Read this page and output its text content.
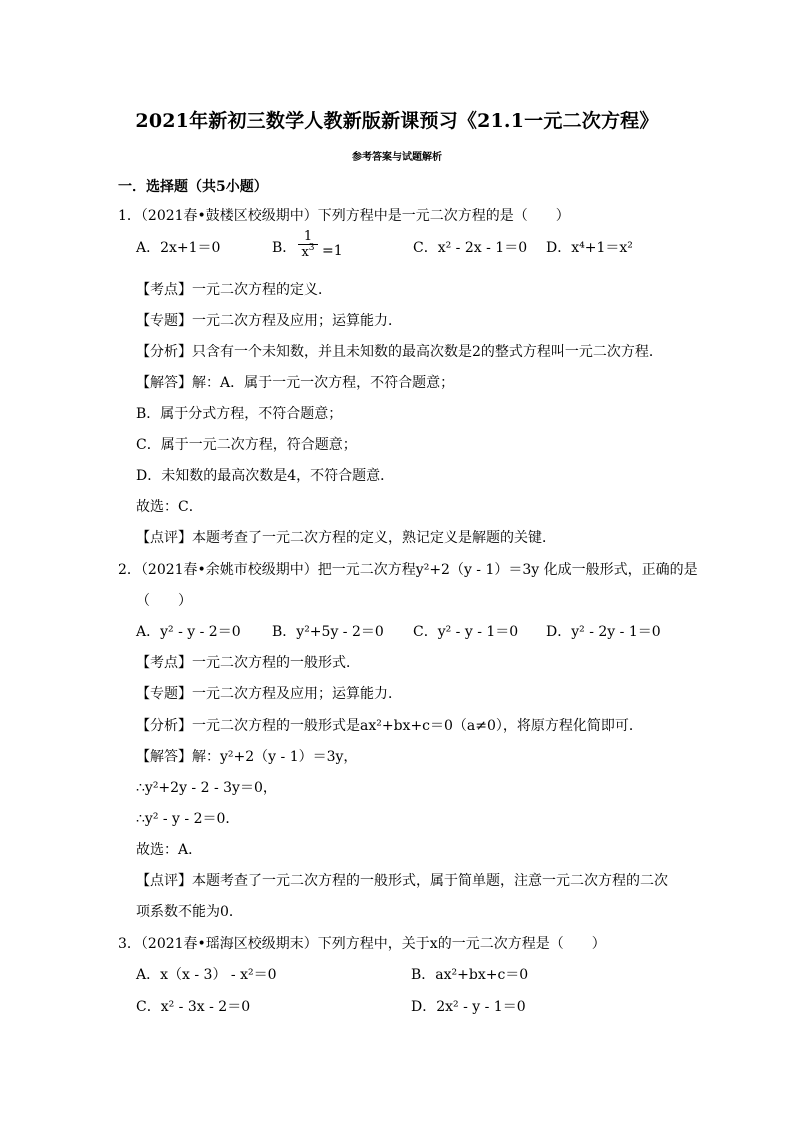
2021年新初三数学人教新版新课预习《21.1一元二次方程》
参考答案与试题解析
一．选择题（共5小题）
1．（2021春•鼓楼区校级期中）下列方程中是一元二次方程的是（　　）
A．2x+1＝0	B．
1
$x^3 =1$	C．x² - 2x - 1＝0 D．x⁴+1＝x²
【考点】一元二次方程的定义．
【专题】一元二次方程及应用；运算能力．
【分析】只含有一个未知数，并且未知数的最高次数是2的整式方程叫一元二次方程．
【解答】解：A．属于一元一次方程，不符合题意；
B．属于分式方程，不符合题意；
C．属于一元二次方程，符合题意；
D．未知数的最高次数是4，不符合题意．
故选：C．
【点评】本题考查了一元二次方程的定义，熟记定义是解题的关键．
2．（2021春•余姚市校级期中）把一元二次方程y²+2（y - 1）＝3y 化成一般形式，正确的是
（　　）
A．y² - y - 2＝0 B．y²+5y - 2＝0 C．y² - y - 1＝0 D．y² - 2y - 1＝0
【考点】一元二次方程的一般形式．
【专题】一元二次方程及应用；运算能力．
【分析】一元二次方程的一般形式是ax²+bx+c＝0（a≠0），将原方程化简即可．
【解答】解：y²+2（y - 1）＝3y，
∴y²+2y - 2 - 3y＝0，
∴y² - y - 2＝0．
故选：A．
【点评】本题考查了一元二次方程的一般形式，属于简单题，注意一元二次方程的二次
项系数不能为0．
3．（2021春•瑶海区校级期末）下列方程中，关于x的一元二次方程是（　　）
A．x（x - 3） - x²＝0	B．ax²+bx+c＝0
C．x² - 3x - 2＝0	D．2x² - y - 1＝0
